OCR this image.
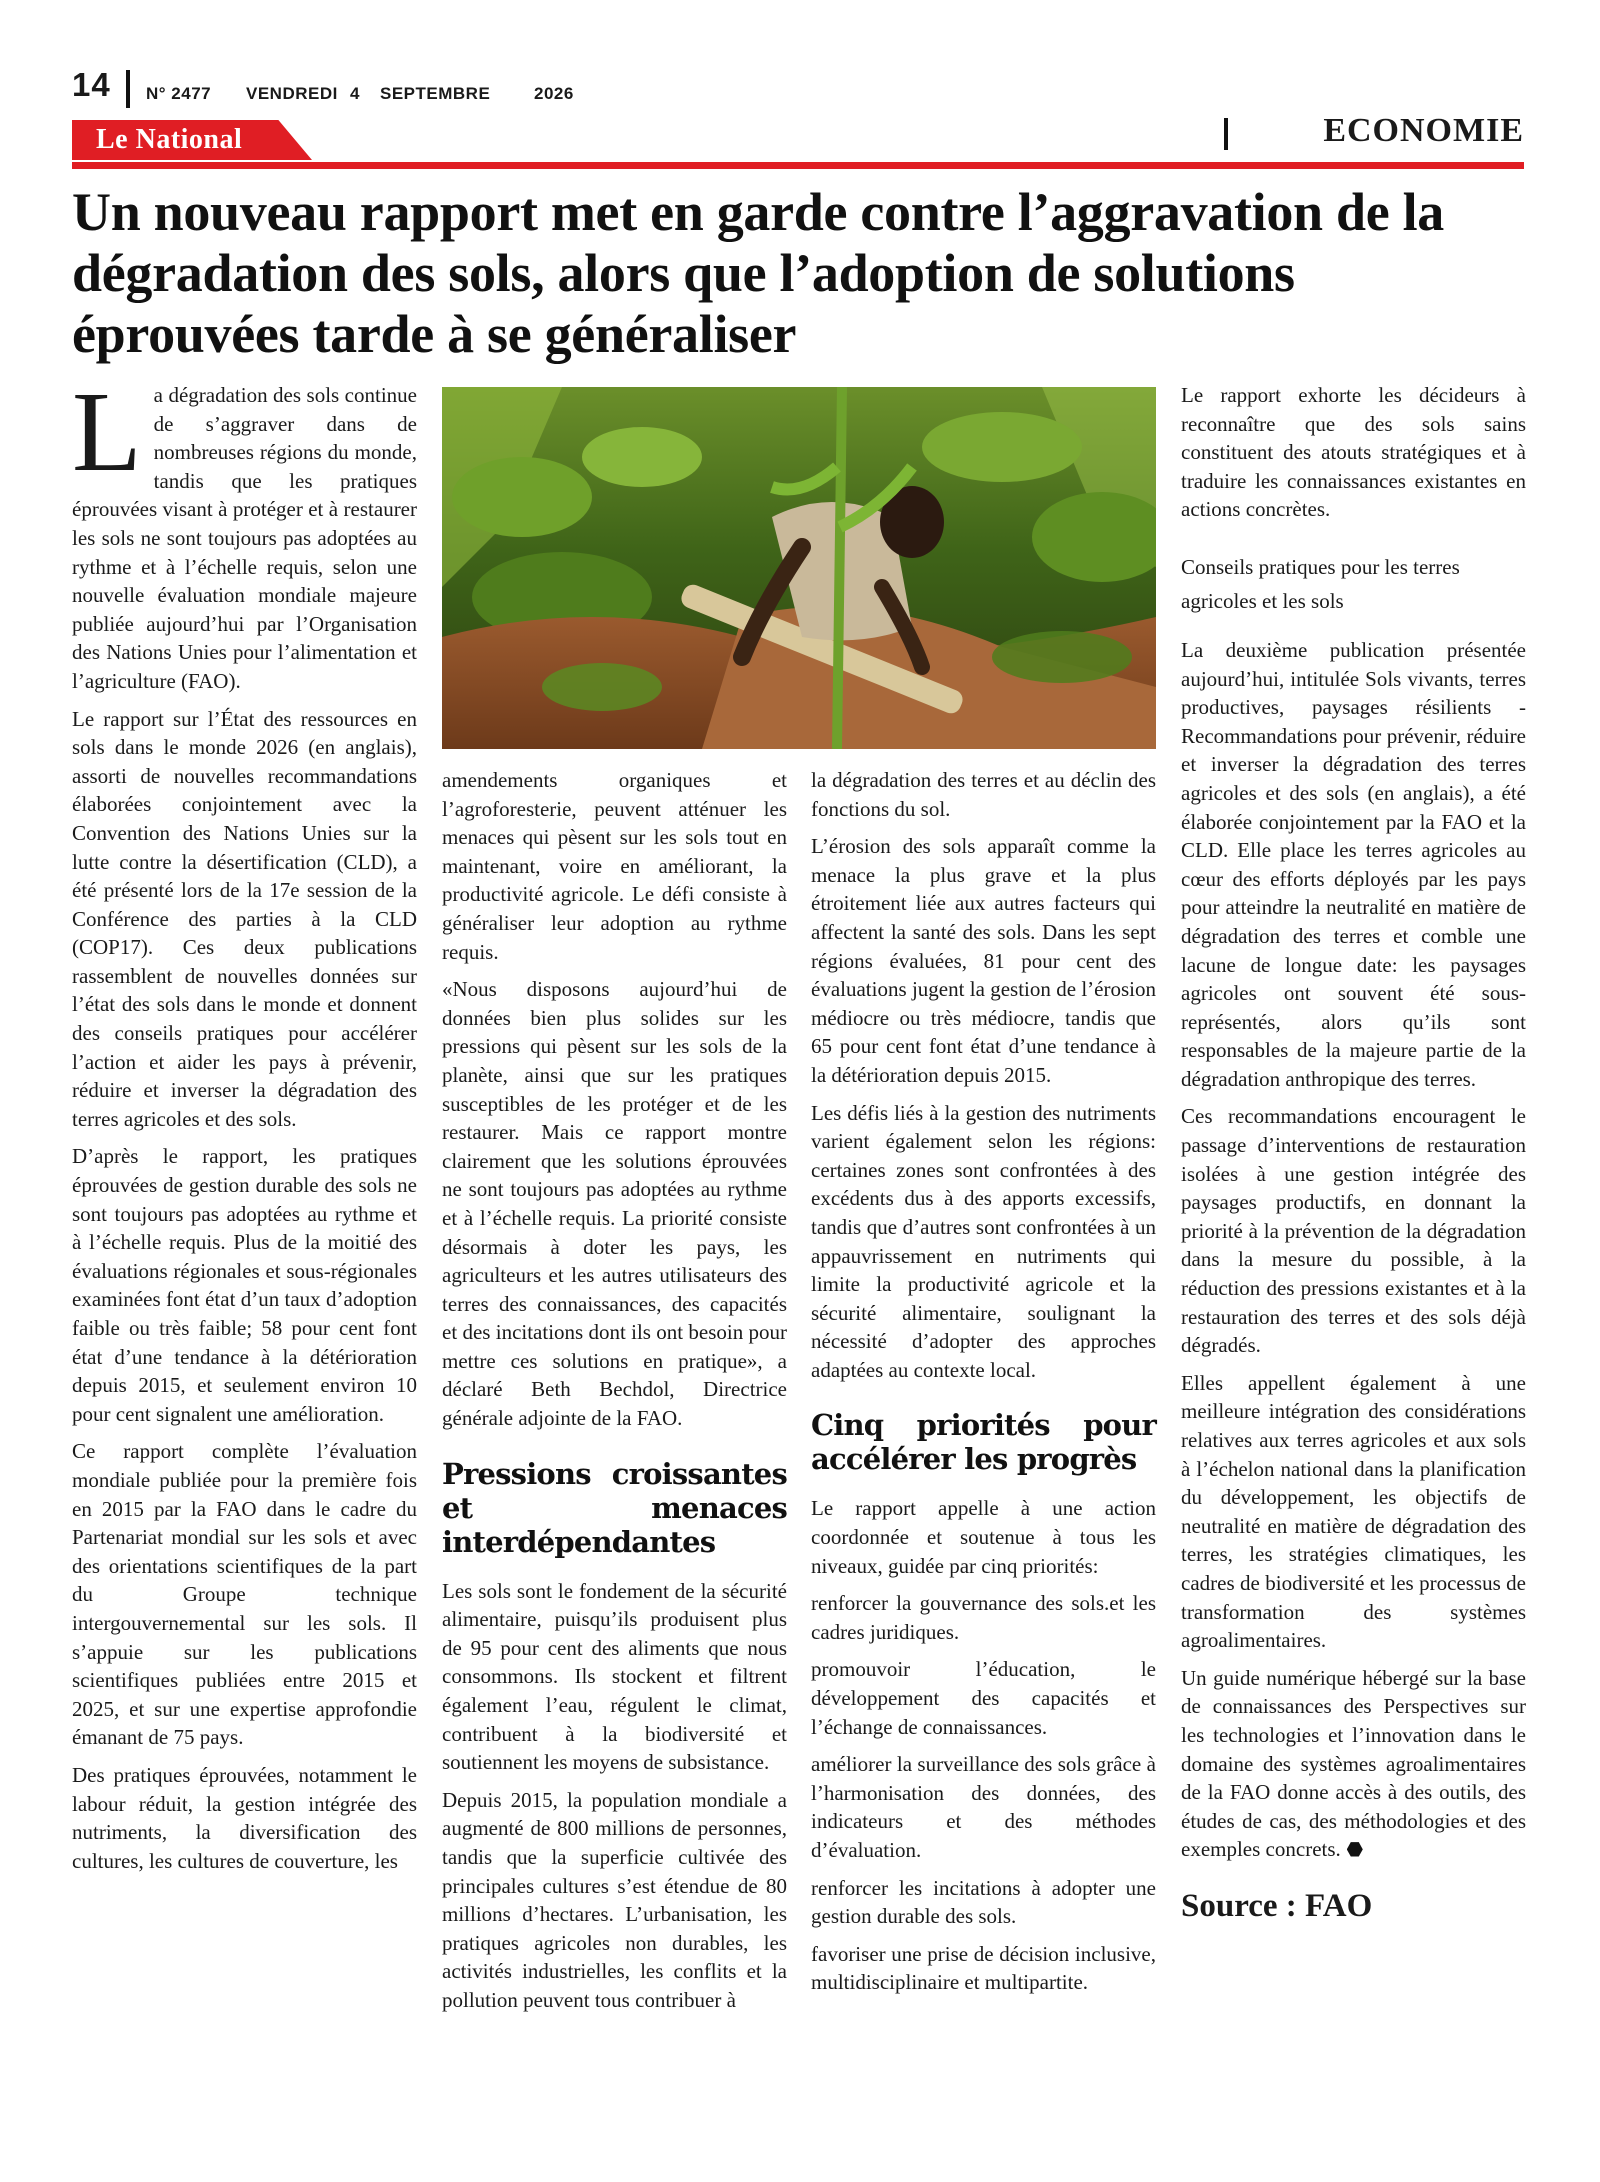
14 N° 2477 VENDREDI 4 SEPTEMBRE	2026
Le National	ECONOMIE
Un nouveau rapport met en garde contre l’aggravation de la dégradation des sols, alors que l’adoption de solutions éprouvées tarde à se généraliser

La dégradation des sols continue de s’aggraver dans de nombreuses régions du monde, tandis que les pratiques éprouvées visant à protéger et à restaurer les sols ne sont toujours pas adoptées au rythme et à l’échelle requis, selon une nouvelle évaluation mondiale majeure publiée aujourd’hui par l’Organisation des Nations Unies pour l’alimentation et l’agriculture (FAO).

Le rapport sur l’État des ressources en sols dans le monde 2026 (en anglais), assorti de nouvelles recommandations élaborées conjointement avec la Convention des Nations Unies sur la lutte contre la désertification (CLD), a été présenté lors de la 17e session de la Conférence des parties à la CLD (COP17). Ces deux publications rassemblent de nouvelles données sur l’état des sols dans le monde et donnent des conseils pratiques pour accélérer l’action et aider les pays à prévenir, réduire et inverser la dégradation des terres agricoles et des sols.

D’après le rapport, les pratiques éprouvées de gestion durable des sols ne sont toujours pas adoptées au rythme et à l’échelle requis. Plus de la moitié des évaluations régionales et sous-régionales examinées font état d’un taux d’adoption faible ou très faible; 58 pour cent font état d’une tendance à la détérioration depuis 2015, et seulement environ 10 pour cent signalent une amélioration.

Ce rapport complète l’évaluation mondiale publiée pour la première fois en 2015 par la FAO dans le cadre du Partenariat mondial sur les sols et avec des orientations scientifiques de la part du Groupe technique intergouvernemental sur les sols. Il s’appuie sur les publications scientifiques publiées entre 2015 et 2025, et sur une expertise approfondie émanant de 75 pays.

Des pratiques éprouvées, notamment le labour réduit, la gestion intégrée des nutriments, la diversification des cultures, les cultures de couverture, les

amendements organiques et l’agroforesterie, peuvent atténuer les menaces qui pèsent sur les sols tout en maintenant, voire en améliorant, la productivité agricole. Le défi consiste à généraliser leur adoption au rythme requis.

«Nous disposons aujourd’hui de données bien plus solides sur les pressions qui pèsent sur les sols de la planète, ainsi que sur les pratiques susceptibles de les protéger et de les restaurer. Mais ce rapport montre clairement que les solutions éprouvées ne sont toujours pas adoptées au rythme et à l’échelle requis. La priorité consiste désormais à doter les pays, les agriculteurs et les autres utilisateurs des terres des connaissances, des capacités et des incitations dont ils ont besoin pour mettre ces solutions en pratique», a déclaré Beth Bechdol, Directrice générale adjointe de la FAO.

Pressions croissantes et menaces interdépendantes

Les sols sont le fondement de la sécurité alimentaire, puisqu’ils produisent plus de 95 pour cent des aliments que nous consommons. Ils stockent et filtrent également l’eau, régulent le climat, contribuent à la biodiversité et soutiennent les moyens de subsistance.

Depuis 2015, la population mondiale a augmenté de 800 millions de personnes, tandis que la superficie cultivée des principales cultures s’est étendue de 80 millions d’hectares. L’urbanisation, les pratiques agricoles non durables, les activités industrielles, les conflits et la pollution peuvent tous contribuer à

la dégradation des terres et au déclin des fonctions du sol.

L’érosion des sols apparaît comme la menace la plus grave et la plus étroitement liée aux autres facteurs qui affectent la santé des sols. Dans les sept régions évaluées, 81 pour cent des évaluations jugent la gestion de l’érosion médiocre ou très médiocre, tandis que 65 pour cent font état d’une tendance à la détérioration depuis 2015.

Les défis liés à la gestion des nutriments varient également selon les régions: certaines zones sont confrontées à des excédents dus à des apports excessifs, tandis que d’autres sont confrontées à un appauvrissement en nutriments qui limite la productivité agricole et la sécurité alimentaire, soulignant la nécessité d’adopter des approches adaptées au contexte local.

Cinq priorités pour accélérer les progrès

Le rapport appelle à une action coordonnée et soutenue à tous les niveaux, guidée par cinq priorités:

renforcer la gouvernance des sols.et les cadres juridiques.

promouvoir l’éducation, le développement des capacités et l’échange de connaissances.

améliorer la surveillance des sols grâce à l’harmonisation des données, des indicateurs et des méthodes d’évaluation.

renforcer les incitations à adopter une gestion durable des sols.

favoriser une prise de décision inclusive, multidisciplinaire et multipartite.

Le rapport exhorte les décideurs à reconnaître que des sols sains constituent des atouts stratégiques et à traduire les connaissances existantes en actions concrètes.

Conseils pratiques pour les terres agricoles et les sols

La deuxième publication présentée aujourd’hui, intitulée Sols vivants, terres productives, paysages résilients - Recommandations pour prévenir, réduire et inverser la dégradation des terres agricoles et des sols (en anglais), a été élaborée conjointement par la FAO et la CLD. Elle place les terres agricoles au cœur des efforts déployés par les pays pour atteindre la neutralité en matière de dégradation des terres et comble une lacune de longue date: les paysages agricoles ont souvent été sous-représentés, alors qu’ils sont responsables de la majeure partie de la dégradation anthropique des terres.

Ces recommandations encouragent le passage d’interventions de restauration isolées à une gestion intégrée des paysages productifs, en donnant la priorité à la prévention de la dégradation dans la mesure du possible, à la réduction des pressions existantes et à la restauration des terres et des sols déjà dégradés.

Elles appellent également à une meilleure intégration des considérations relatives aux terres agricoles et aux sols à l’échelon national dans la planification du développement, les objectifs de neutralité en matière de dégradation des terres, les stratégies climatiques, les cadres de biodiversité et les processus de transformation des systèmes agroalimentaires.

Un guide numérique hébergé sur la base de connaissances des Perspectives sur les technologies et l’innovation dans le domaine des systèmes agroalimentaires de la FAO donne accès à des outils, des études de cas, des méthodologies et des exemples concrets.

Source : FAO
